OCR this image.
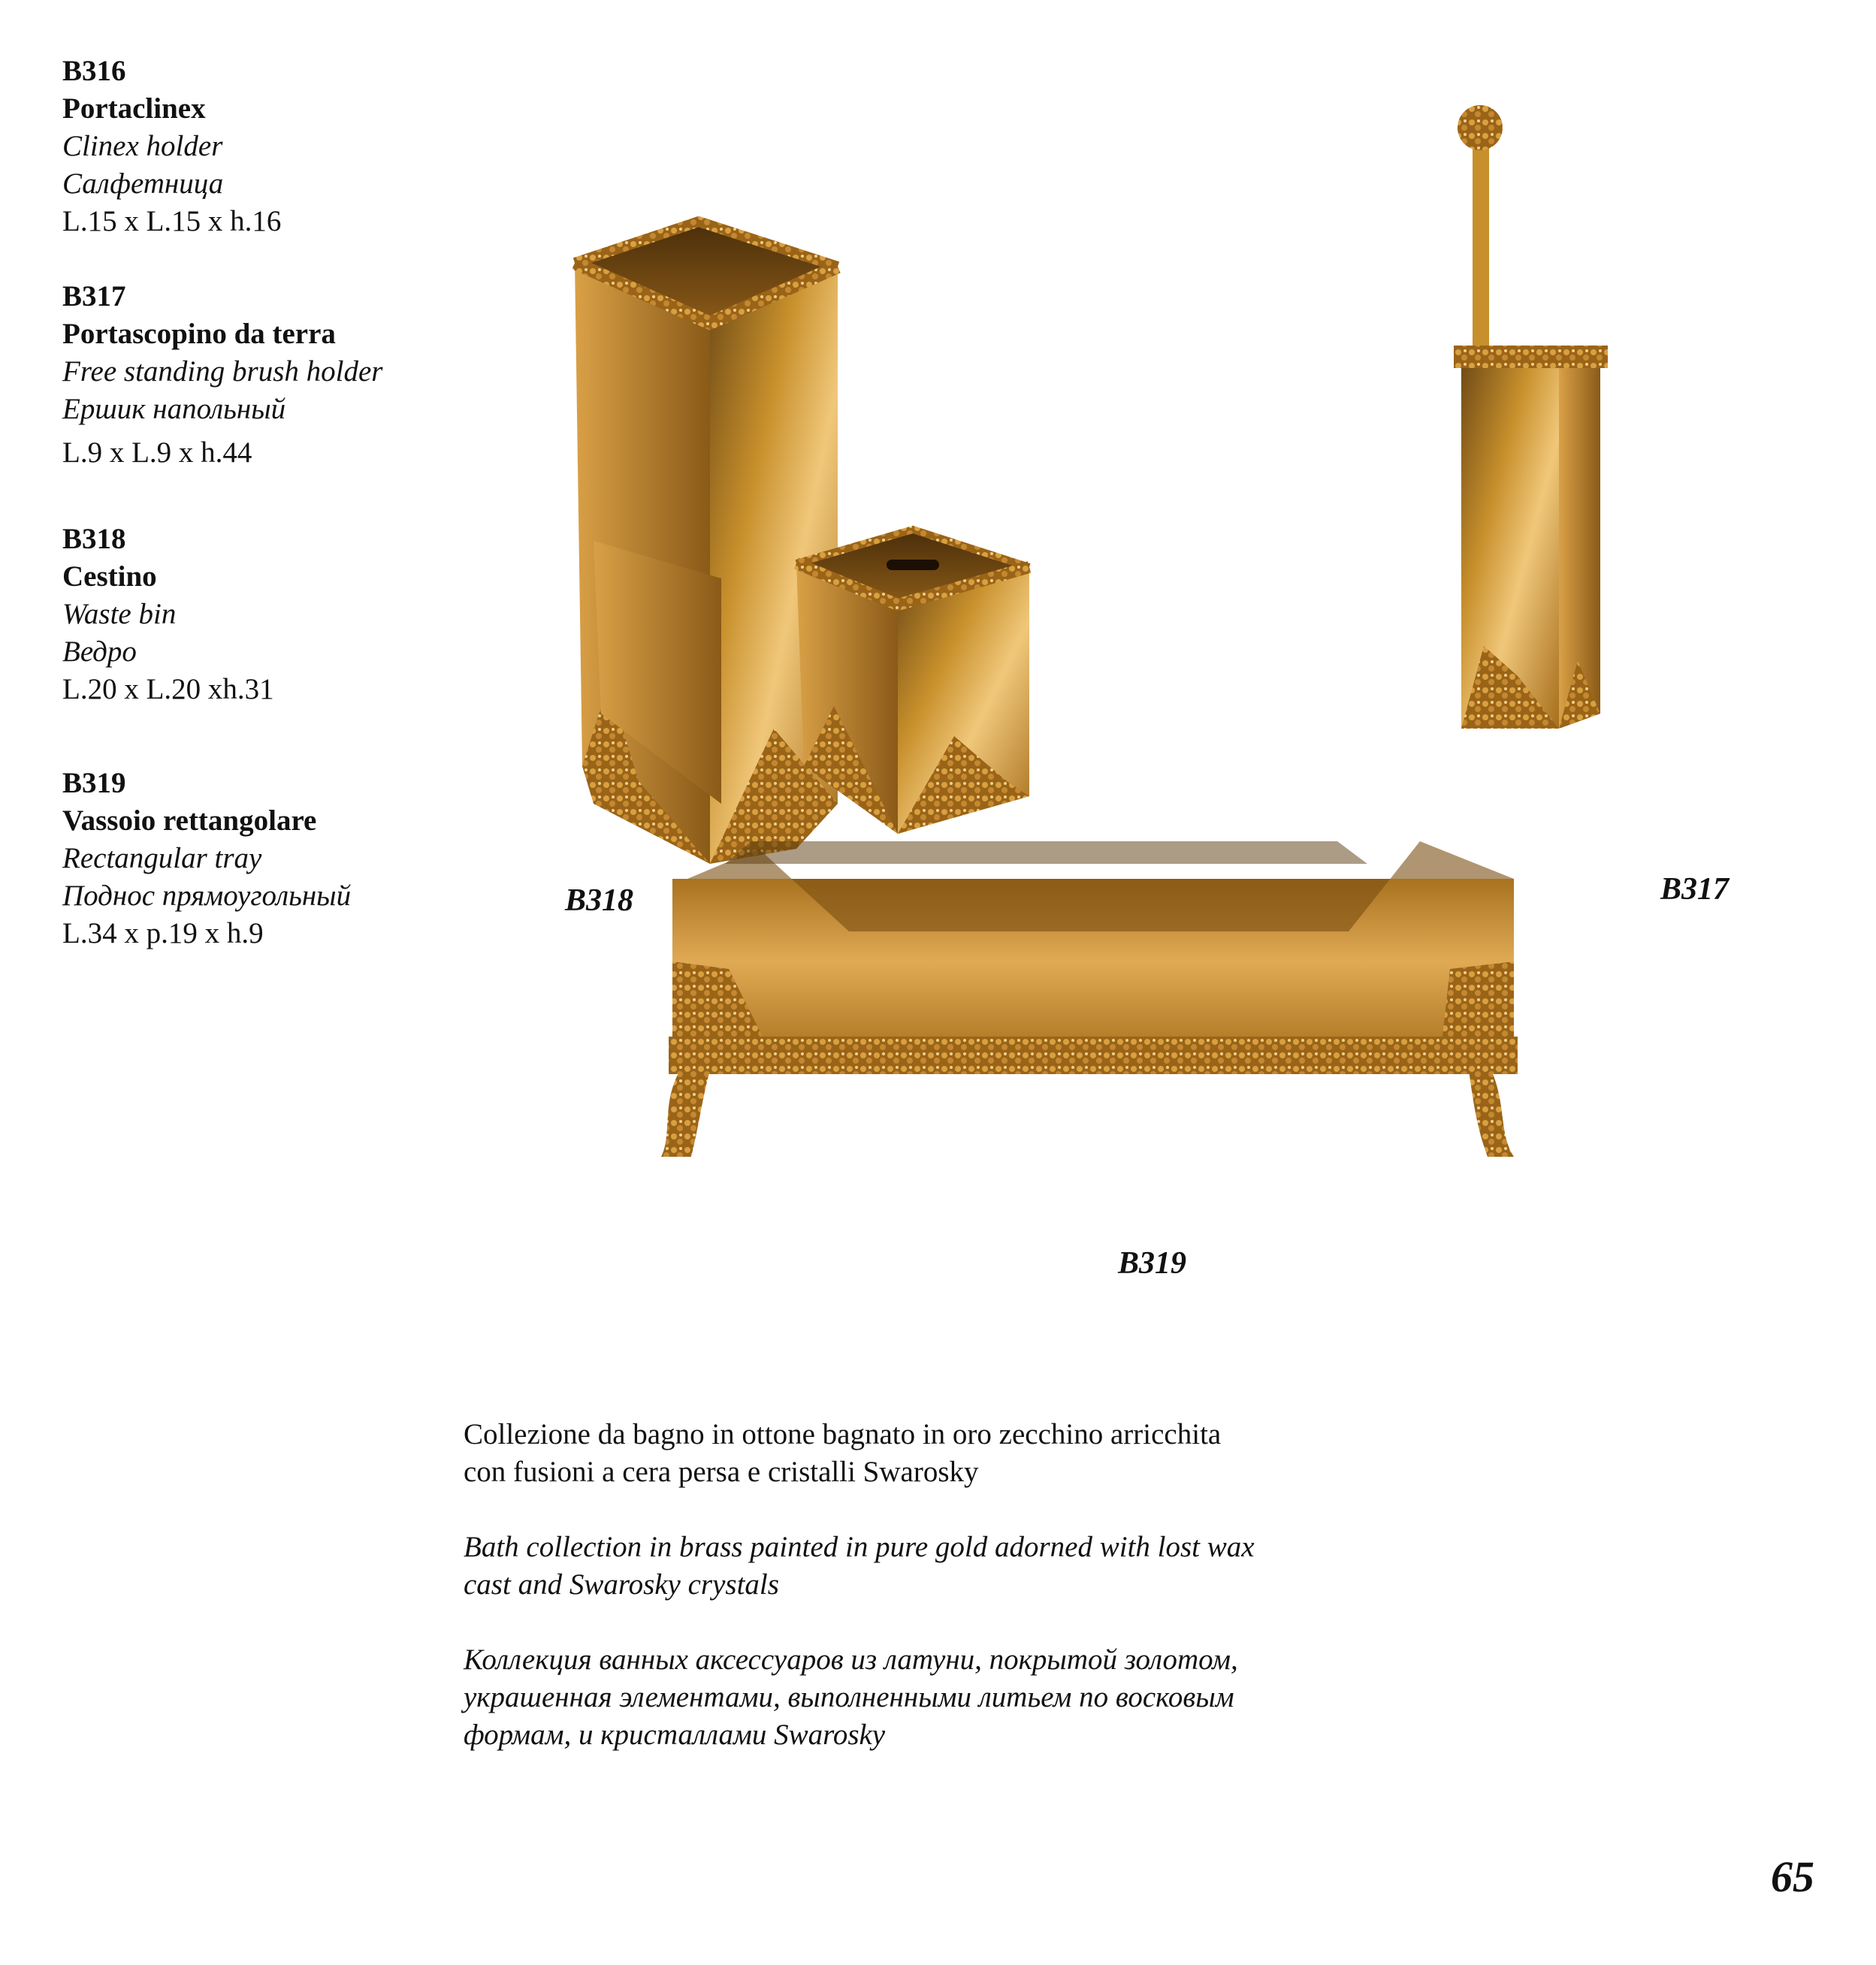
B316
Portaclinex
Clinex holder
Салфетница
L.15 x L.15 x h.16
B317
Portascopino da terra
Free standing brush holder
Ершик напольный
L.9 x L.9 x h.44
B318
Cestino
Waste bin
Ведро
L.20 x L.20 xh.31
B319
Vassoio rettangolare
Rectangular tray
Поднос прямоугольный
L.34 x p.19 x h.9
B318	B317
B319

Collezione da bagno in ottone bagnato in oro zecchino arricchita

con fusioni a cera persa e cristalli Swarosky

Bath collection in brass painted in pure gold adorned with lost wax

cast and Swarosky crystals

Коллекция ванных аксессуаров из латуни, покрытой золотом,

украшенная элементами, выполненными литьем по восковым

формам, и кристаллами Swarosky

65
